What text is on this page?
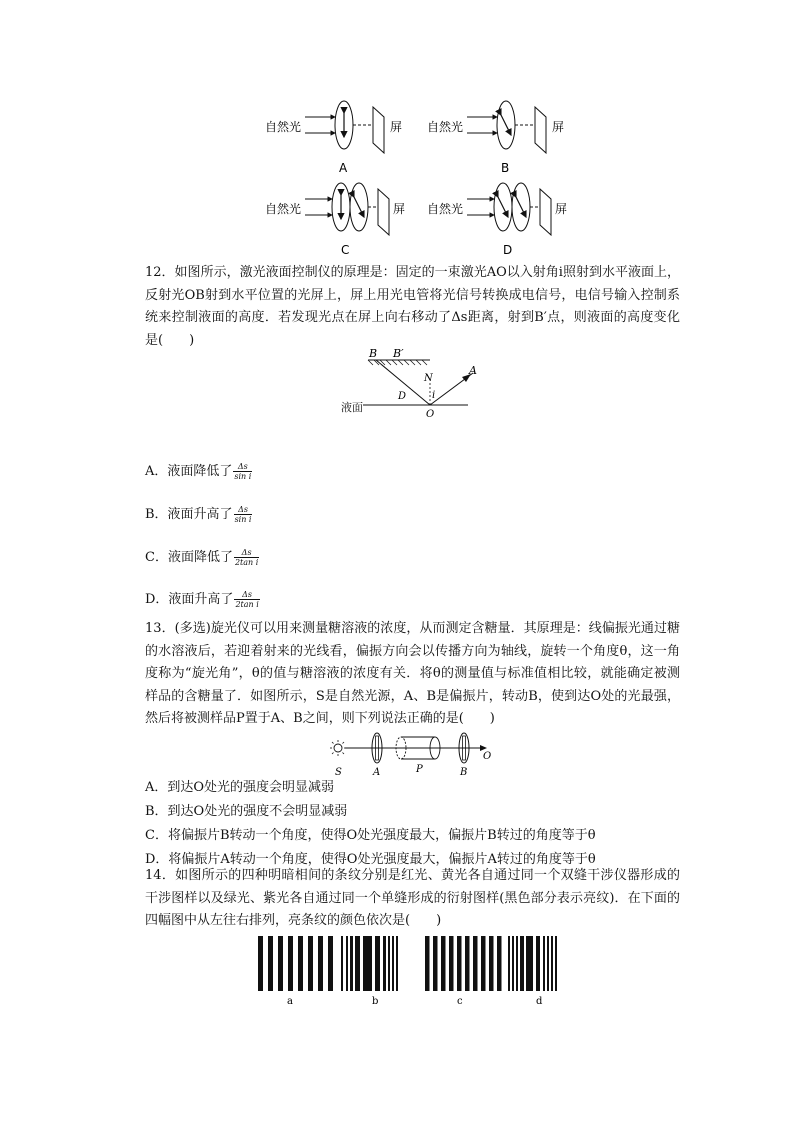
自然光	屏
A
自然光	屏
B
自然光	屏
C
自然光	屏
D
12．如图所示，激光液面控制仪的原理是：固定的一束激光AO以入射角i照射到水平液面上，反射光OB射到水平位置的光屏上，屏上用光电管将光信号转换成电信号，电信号输入控制系统来控制液面的高度．若发现光点在屏上向右移动了Δs距离，射到B′点，则液面的高度变化是(　　)
B B′
A
N
i
D
O
液面
A．液面降低了 $\frac{\Delta s}{\text{sin i}}$
B．液面升高了 $\frac{\Delta s}{\text{sin i}}$
C．液面降低了 $\frac{\Delta s}{\text{2tan i}}$
D．液面升高了 $\frac{\Delta s}{\text{2tan i}}$
13．(多选)旋光仪可以用来测量糖溶液的浓度，从而测定含糖量．其原理是：线偏振光通过糖的水溶液后，若迎着射来的光线看，偏振方向会以传播方向为轴线，旋转一个角度θ，这一角度称为“旋光角”，θ的值与糖溶液的浓度有关．将θ的测量值与标准值相比较，就能确定被测样品的含糖量了．如图所示，S是自然光源，A、B是偏振片，转动B，使到达O处的光最强，然后将被测样品P置于A、B之间，则下列说法正确的是(　　)
S	A	P	B
O
A．到达O处光的强度会明显减弱
B．到达O处光的强度不会明显减弱
C．将偏振片B转动一个角度，使得O处光强度最大，偏振片B转过的角度等于θ
D．将偏振片A转动一个角度，使得O处光强度最大，偏振片A转过的角度等于θ
14．如图所示的四种明暗相间的条纹分别是红光、黄光各自通过同一个双缝干涉仪器形成的干涉图样以及绿光、紫光各自通过同一个单缝形成的衍射图样(黑色部分表示亮纹)．在下面的四幅图中从左往右排列，亮条纹的颜色依次是(　　)
a	b	c	d
